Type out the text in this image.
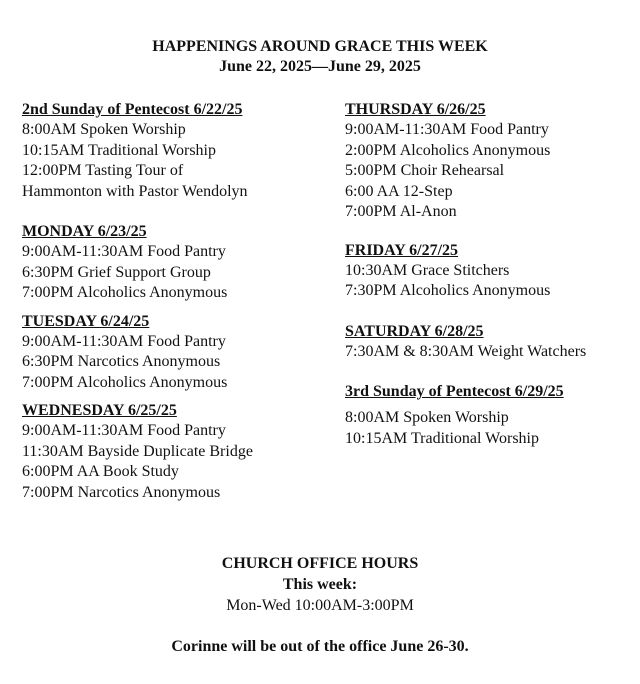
HAPPENINGS AROUND GRACE THIS WEEK
June 22, 2025—June 29, 2025
2nd Sunday of Pentecost 6/22/25
8:00AM Spoken Worship
10:15AM Traditional Worship
12:00PM Tasting Tour of
Hammonton with Pastor Wendolyn
MONDAY 6/23/25
9:00AM-11:30AM Food Pantry
6:30PM Grief Support Group
7:00PM Alcoholics Anonymous
TUESDAY 6/24/25
9:00AM-11:30AM Food Pantry
6:30PM Narcotics Anonymous
7:00PM Alcoholics Anonymous
WEDNESDAY 6/25/25
9:00AM-11:30AM Food Pantry
11:30AM Bayside Duplicate Bridge
6:00PM AA Book Study
7:00PM Narcotics Anonymous
THURSDAY 6/26/25
9:00AM-11:30AM Food Pantry
2:00PM Alcoholics Anonymous
5:00PM Choir Rehearsal
6:00 AA 12-Step
7:00PM Al-Anon
FRIDAY 6/27/25
10:30AM Grace Stitchers
7:30PM Alcoholics Anonymous
SATURDAY 6/28/25
7:30AM & 8:30AM Weight Watchers
3rd Sunday of Pentecost 6/29/25
8:00AM Spoken Worship
10:15AM Traditional Worship
CHURCH OFFICE HOURS
This week:
Mon-Wed 10:00AM-3:00PM
Corinne will be out of the office June 26-30.
